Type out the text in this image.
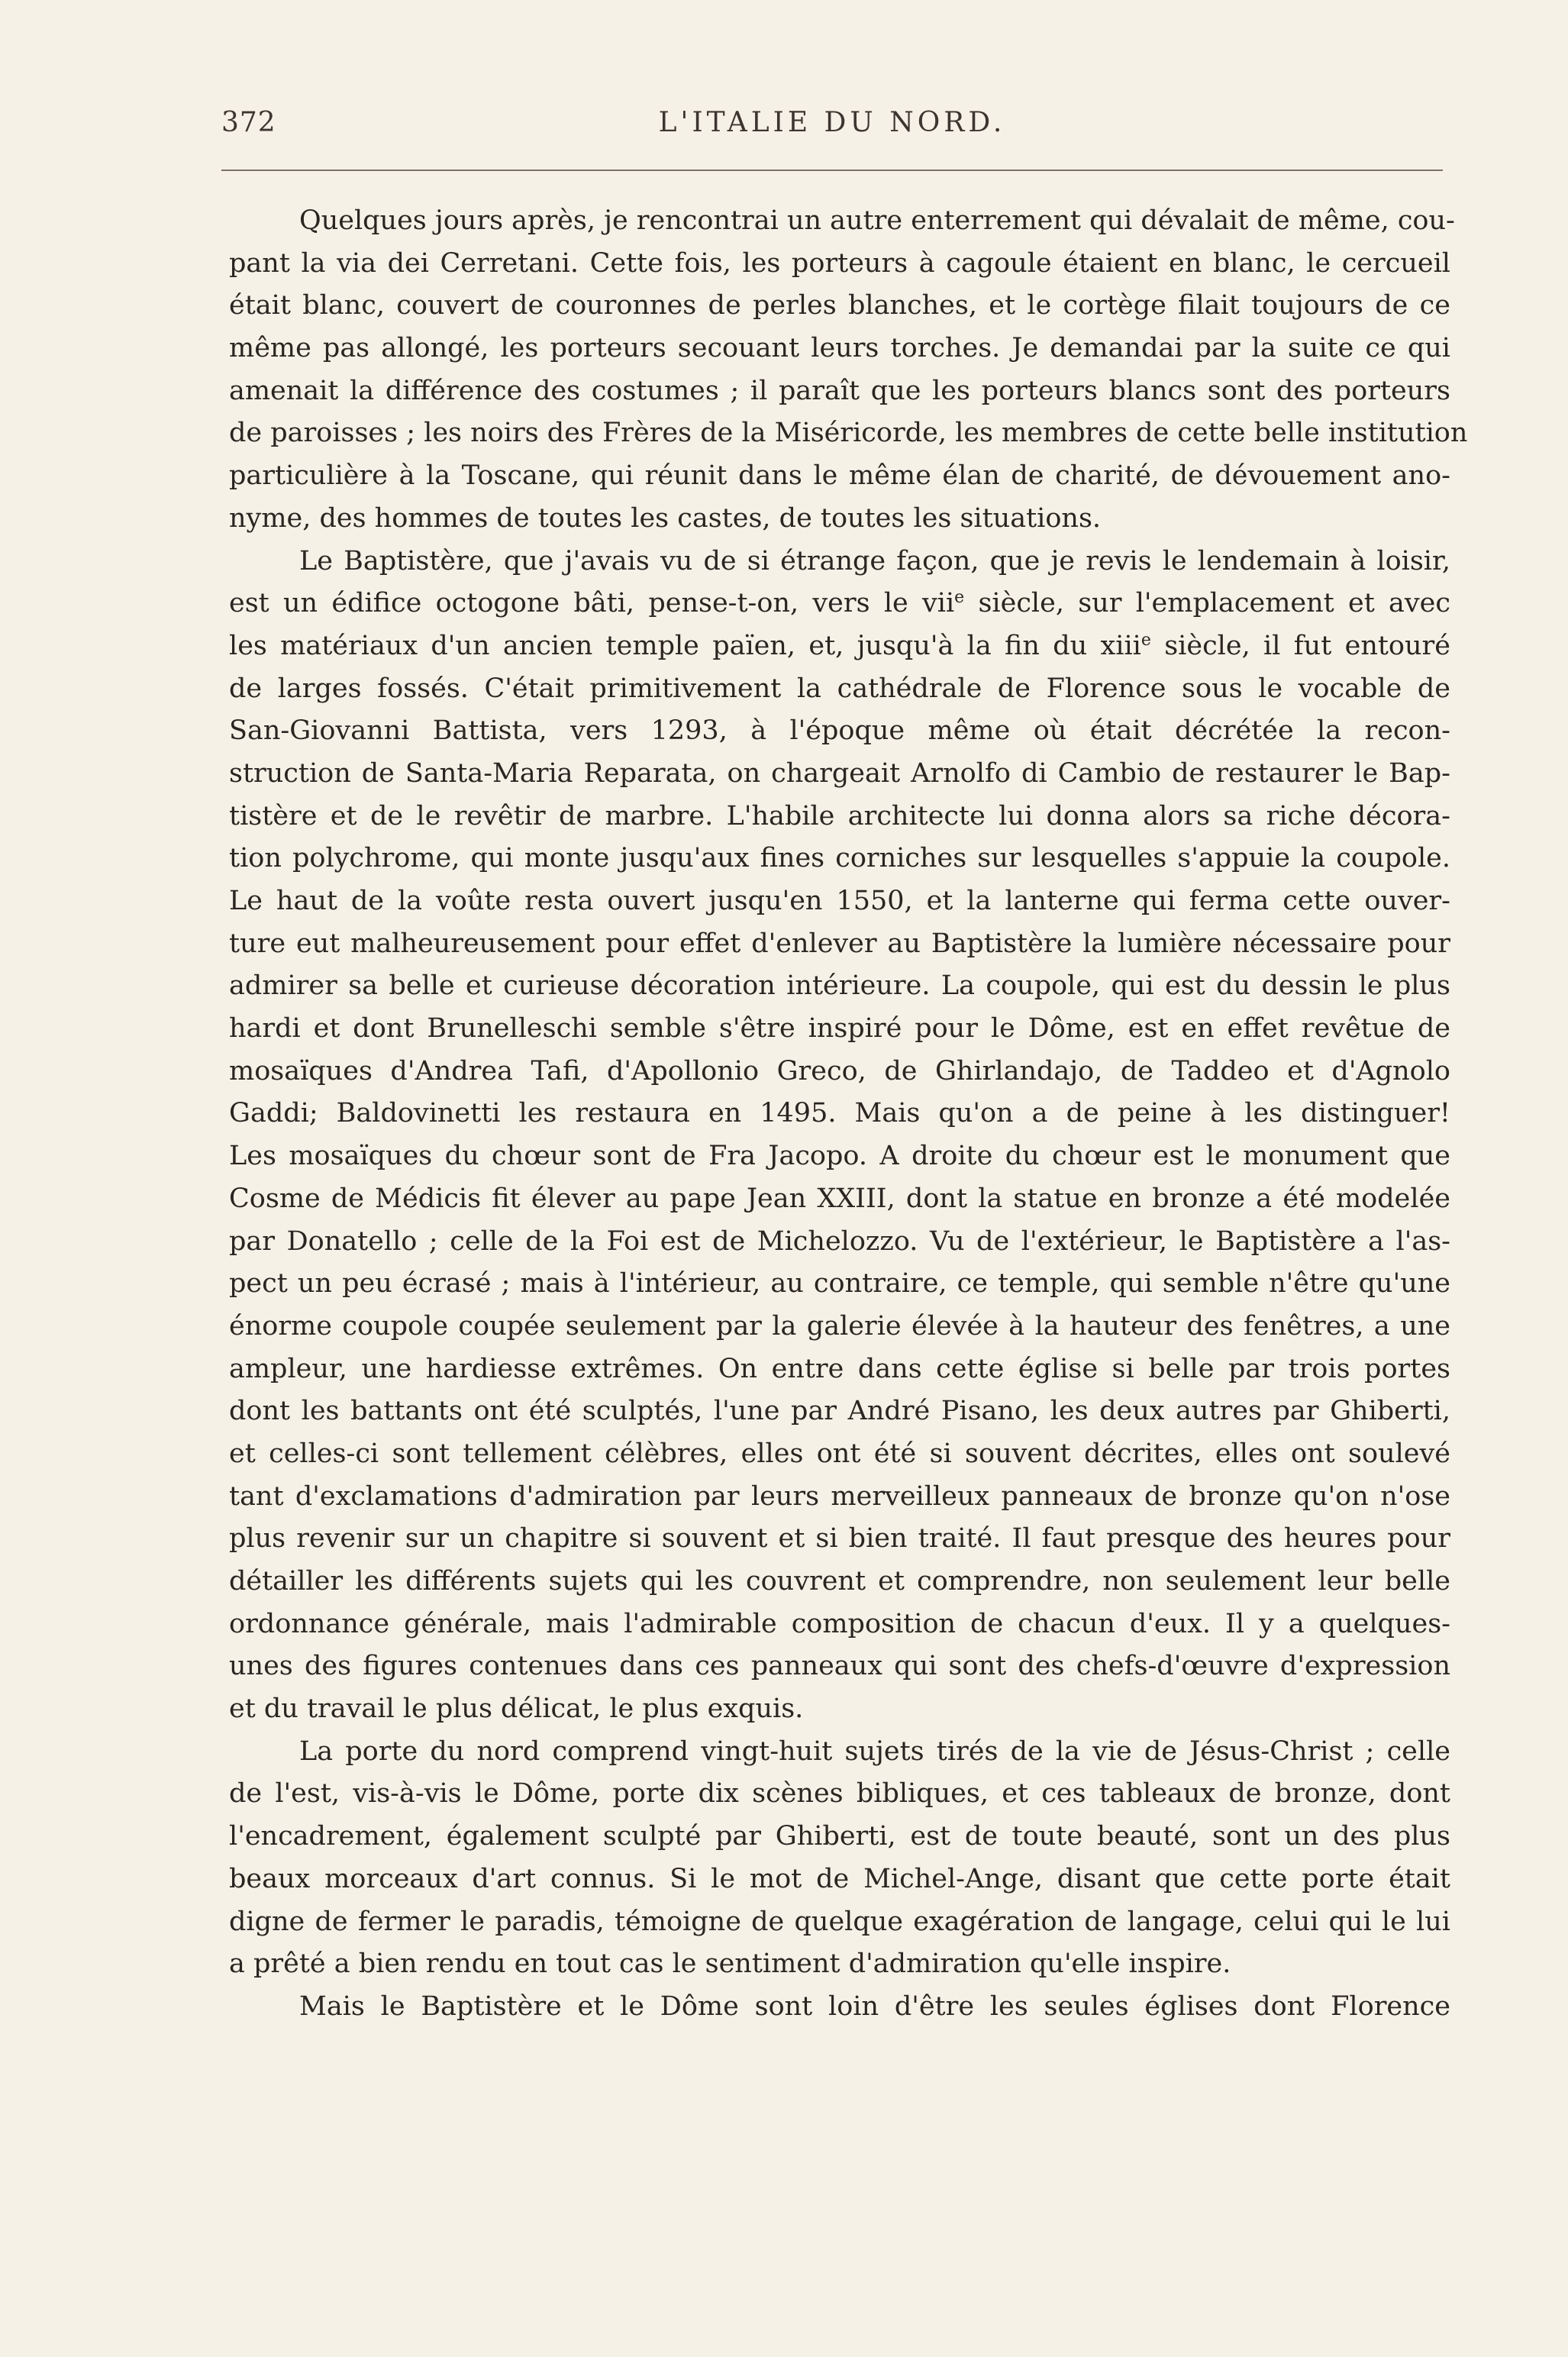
372	L'ITALIE DU NORD.
Quelques jours après, je rencontrai un autre enterrement qui dévalait de même, cou-
pant la via dei Cerretani. Cette fois, les porteurs à cagoule étaient en blanc, le cercueil
était blanc, couvert de couronnes de perles blanches, et le cortège filait toujours de ce
même pas allongé, les porteurs secouant leurs torches. Je demandai par la suite ce qui
amenait la différence des costumes ; il paraît que les porteurs blancs sont des porteurs
de paroisses ; les noirs des Frères de la Miséricorde, les membres de cette belle institution
particulière à la Toscane, qui réunit dans le même élan de charité, de dévouement ano-
nyme, des hommes de toutes les castes, de toutes les situations.
Le Baptistère, que j'avais vu de si étrange façon, que je revis le lendemain à loisir,
est un édifice octogone bâti, pense-t-on, vers le vii$^e$ siècle, sur l'emplacement et avec
les matériaux d'un ancien temple païen, et, jusqu'à la fin du xiii$^e$ siècle, il fut entouré
de larges fossés. C'était primitivement la cathédrale de Florence sous le vocable de
San-Giovanni Battista, vers 1293, à l'époque même où était décrétée la recon-
struction de Santa-Maria Reparata, on chargeait Arnolfo di Cambio de restaurer le Bap-
tistère et de le revêtir de marbre. L'habile architecte lui donna alors sa riche décora-
tion polychrome, qui monte jusqu'aux fines corniches sur lesquelles s'appuie la coupole.
Le haut de la voûte resta ouvert jusqu'en 1550, et la lanterne qui ferma cette ouver-
ture eut malheureusement pour effet d'enlever au Baptistère la lumière nécessaire pour
admirer sa belle et curieuse décoration intérieure. La coupole, qui est du dessin le plus
hardi et dont Brunelleschi semble s'être inspiré pour le Dôme, est en effet revêtue de
mosaïques d'Andrea Tafi, d'Apollonio Greco, de Ghirlandajo, de Taddeo et d'Agnolo
Gaddi; Baldovinetti les restaura en 1495. Mais qu'on a de peine à les distinguer!
Les mosaïques du chœur sont de Fra Jacopo. A droite du chœur est le monument que
Cosme de Médicis fit élever au pape Jean XXIII, dont la statue en bronze a été modelée
par Donatello ; celle de la Foi est de Michelozzo. Vu de l'extérieur, le Baptistère a l'as-
pect un peu écrasé ; mais à l'intérieur, au contraire, ce temple, qui semble n'être qu'une
énorme coupole coupée seulement par la galerie élevée à la hauteur des fenêtres, a une
ampleur, une hardiesse extrêmes. On entre dans cette église si belle par trois portes
dont les battants ont été sculptés, l'une par André Pisano, les deux autres par Ghiberti,
et celles-ci sont tellement célèbres, elles ont été si souvent décrites, elles ont soulevé
tant d'exclamations d'admiration par leurs merveilleux panneaux de bronze qu'on n'ose
plus revenir sur un chapitre si souvent et si bien traité. Il faut presque des heures pour
détailler les différents sujets qui les couvrent et comprendre, non seulement leur belle
ordonnance générale, mais l'admirable composition de chacun d'eux. Il y a quelques-
unes des figures contenues dans ces panneaux qui sont des chefs-d'œuvre d'expression
et du travail le plus délicat, le plus exquis.
La porte du nord comprend vingt-huit sujets tirés de la vie de Jésus-Christ ; celle
de l'est, vis-à-vis le Dôme, porte dix scènes bibliques, et ces tableaux de bronze, dont
l'encadrement, également sculpté par Ghiberti, est de toute beauté, sont un des plus
beaux morceaux d'art connus. Si le mot de Michel-Ange, disant que cette porte était
digne de fermer le paradis, témoigne de quelque exagération de langage, celui qui le lui
a prêté a bien rendu en tout cas le sentiment d'admiration qu'elle inspire.
Mais le Baptistère et le Dôme sont loin d'être les seules églises dont Florence
